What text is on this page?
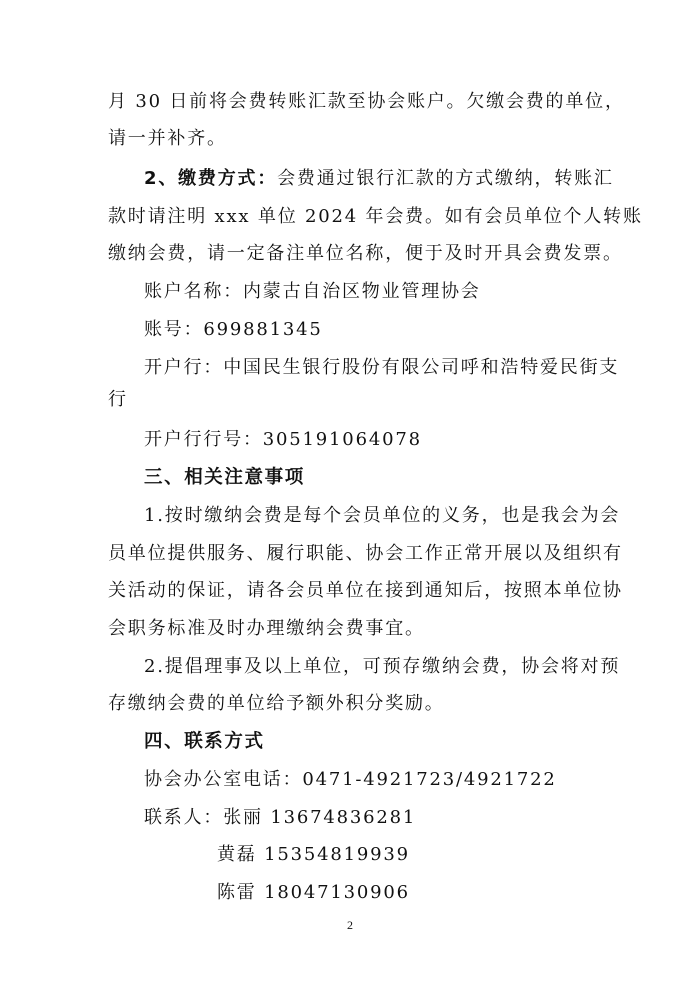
月 30 日前将会费转账汇款至协会账户。欠缴会费的单位，
请一并补齐。
2、缴费方式：会费通过银行汇款的方式缴纳，转账汇
款时请注明 xxx 单位 2024 年会费。如有会员单位个人转账
缴纳会费，请一定备注单位名称，便于及时开具会费发票。
账户名称：内蒙古自治区物业管理协会
账号：699881345
开户行：中国民生银行股份有限公司呼和浩特爱民街支
行
开户行行号：305191064078
三、相关注意事项
1.按时缴纳会费是每个会员单位的义务，也是我会为会
员单位提供服务、履行职能、协会工作正常开展以及组织有
关活动的保证，请各会员单位在接到通知后，按照本单位协
会职务标准及时办理缴纳会费事宜。
2.提倡理事及以上单位，可预存缴纳会费，协会将对预
存缴纳会费的单位给予额外积分奖励。
四、联系方式
协会办公室电话：0471-4921723/4921722
联系人：张丽 13674836281
黄磊 15354819939
陈雷 18047130906
2
